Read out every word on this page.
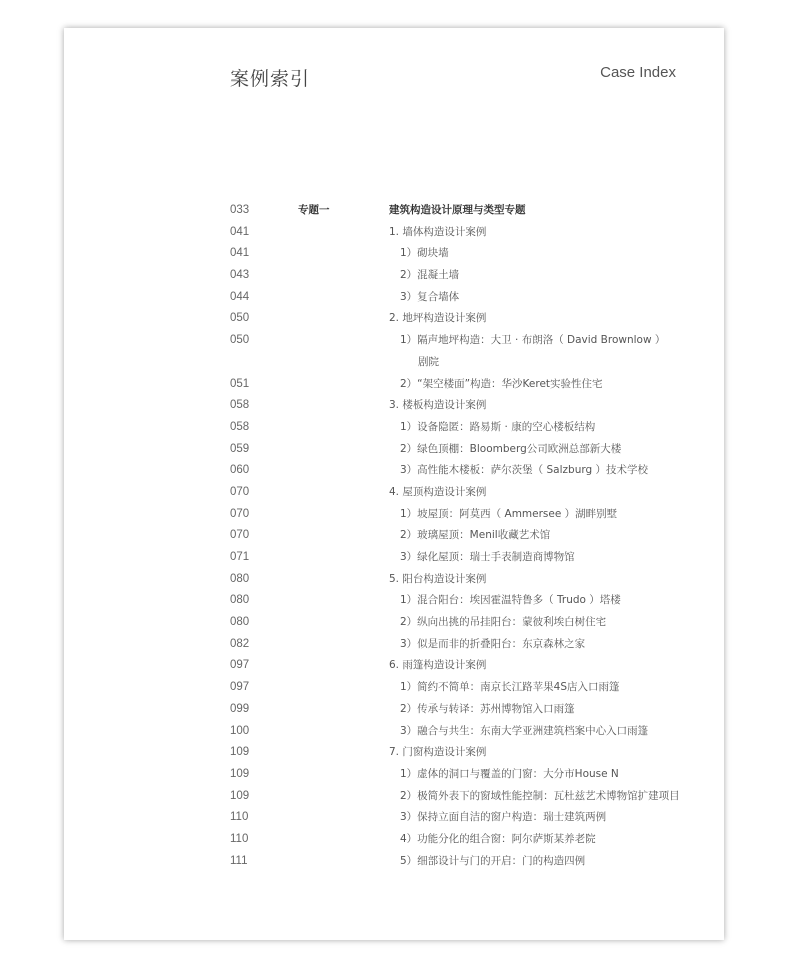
案例索引	Case Index
033	专题一	建筑构造设计原理与类型专题
041	1. 墙体构造设计案例
041	1）砌块墙
043	2）混凝土墙
044	3）复合墙体
050	2. 地坪构造设计案例
050	1）隔声地坪构造：大卫 · 布朗洛（ David Brownlow ）
剧院
051	2）“架空楼面”构造：华沙Keret实验性住宅
058	3. 楼板构造设计案例
058	1）设备隐匿：路易斯 · 康的空心楼板结构
059	2）绿色顶棚：Bloomberg公司欧洲总部新大楼
060	3）高性能木楼板：萨尔茨堡（ Salzburg ）技术学校
070	4. 屋顶构造设计案例
070	1）坡屋顶：阿莫西（ Ammersee ）湖畔别墅
070	2）玻璃屋顶：Menil收藏艺术馆
071	3）绿化屋顶：瑞士手表制造商博物馆
080	5. 阳台构造设计案例
080	1）混合阳台：埃因霍温特鲁多（ Trudo ）塔楼
080	2）纵向出挑的吊挂阳台：蒙彼利埃白树住宅
082	3）似是而非的折叠阳台：东京森林之家
097	6. 雨篷构造设计案例
097	1）简约不简单：南京长江路苹果4S店入口雨篷
099	2）传承与转译：苏州博物馆入口雨篷
100	3）融合与共生：东南大学亚洲建筑档案中心入口雨篷
109	7. 门窗构造设计案例
109	1）虚体的洞口与覆盖的门窗：大分市House N
109	2）极简外表下的窗域性能控制：瓦杜兹艺术博物馆扩建项目
110	3）保持立面自洁的窗户构造：瑞士建筑两例
110	4）功能分化的组合窗：阿尔萨斯某养老院
111	5）细部设计与门的开启：门的构造四例
